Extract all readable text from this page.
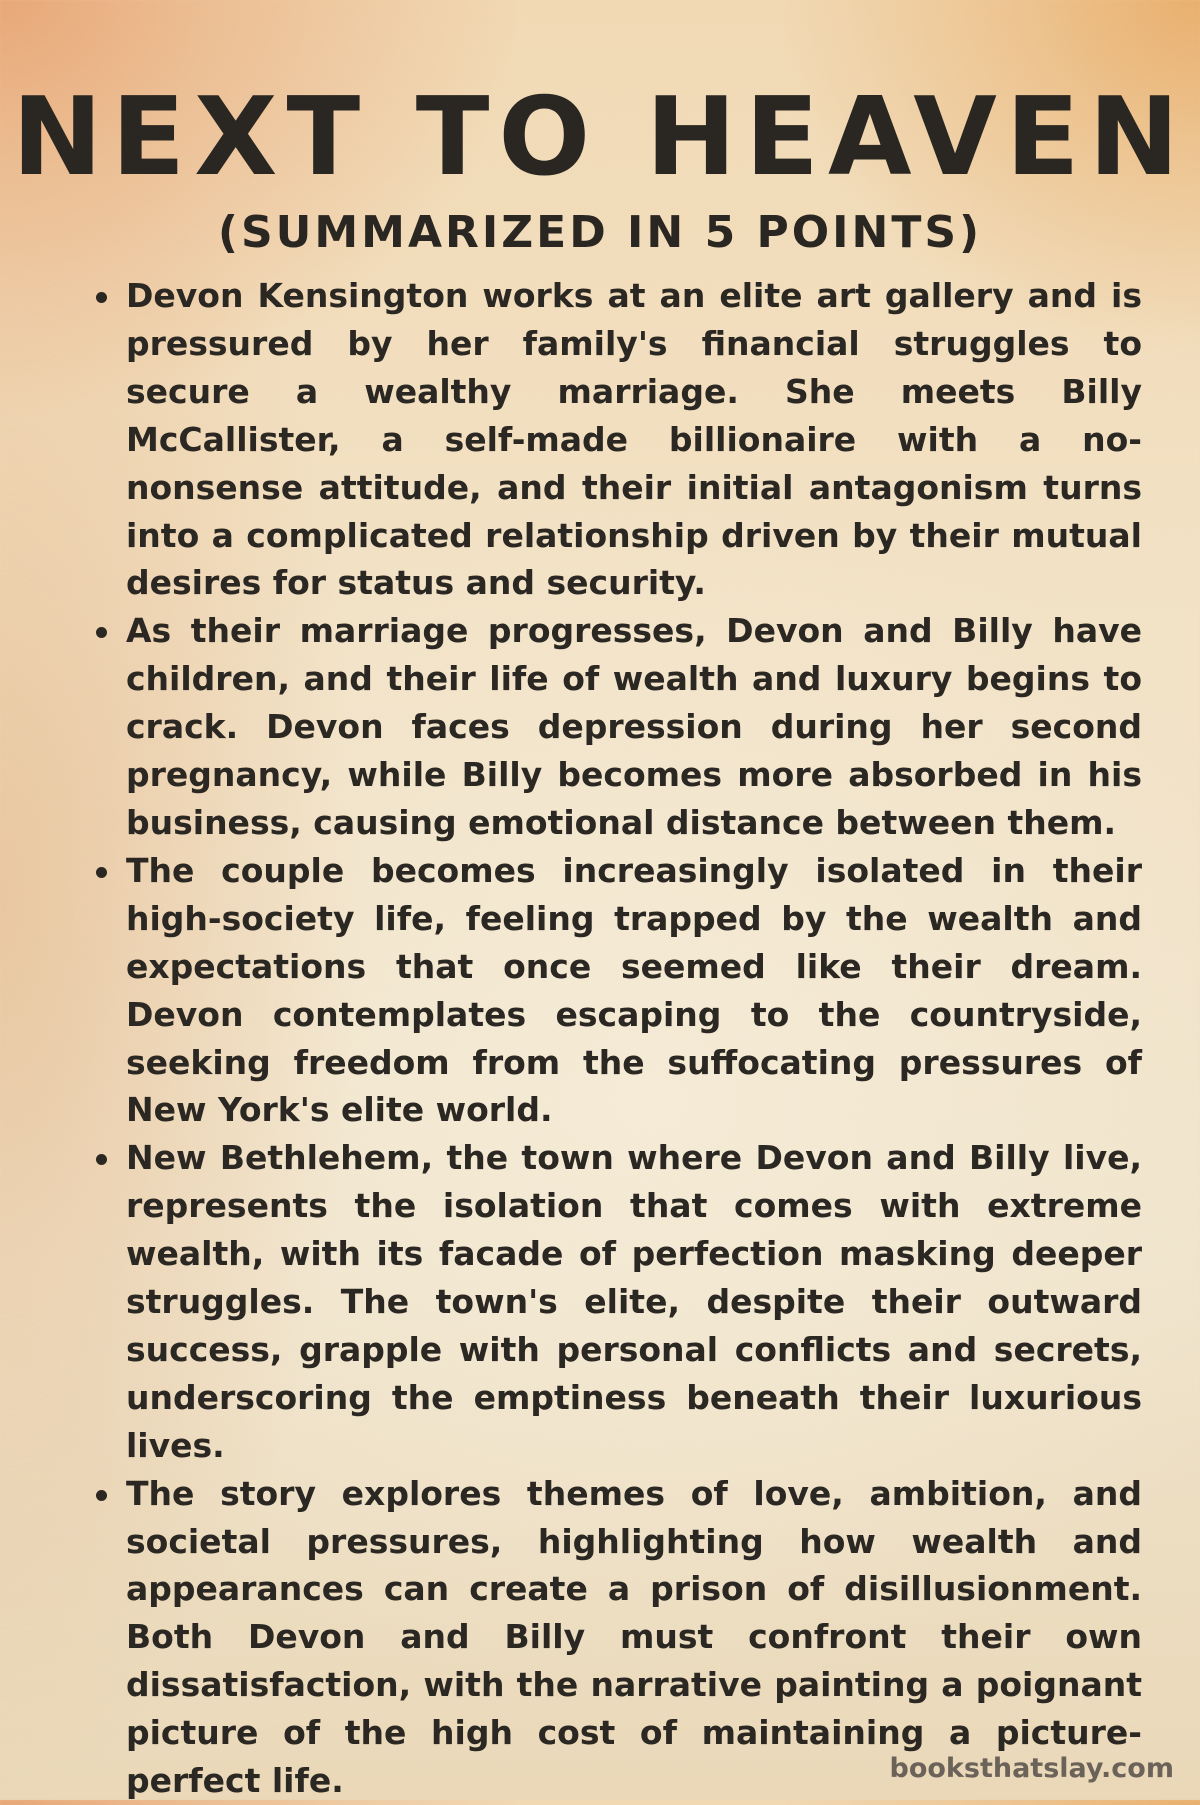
NEXT TO HEAVEN
(SUMMARIZED IN 5 POINTS)
Devon Kensington works at an elite art gallery and is pressured by her family's financial struggles to secure a wealthy marriage. She meets Billy McCallister, a self-made billionaire with a no-nonsense attitude, and their initial antagonism turns into a complicated relationship driven by their mutual desires for status and security.
As their marriage progresses, Devon and Billy have children, and their life of wealth and luxury begins to crack. Devon faces depression during her second pregnancy, while Billy becomes more absorbed in his business, causing emotional distance between them.
The couple becomes increasingly isolated in their high-society life, feeling trapped by the wealth and expectations that once seemed like their dream. Devon contemplates escaping to the countryside, seeking freedom from the suffocating pressures of New York's elite world.
New Bethlehem, the town where Devon and Billy live, represents the isolation that comes with extreme wealth, with its facade of perfection masking deeper struggles. The town's elite, despite their outward success, grapple with personal conflicts and secrets, underscoring the emptiness beneath their luxurious lives.
The story explores themes of love, ambition, and societal pressures, highlighting how wealth and appearances can create a prison of disillusionment. Both Devon and Billy must confront their own dissatisfaction, with the narrative painting a poignant picture of the high cost of maintaining a picture-perfect life.	booksthatslay.com
